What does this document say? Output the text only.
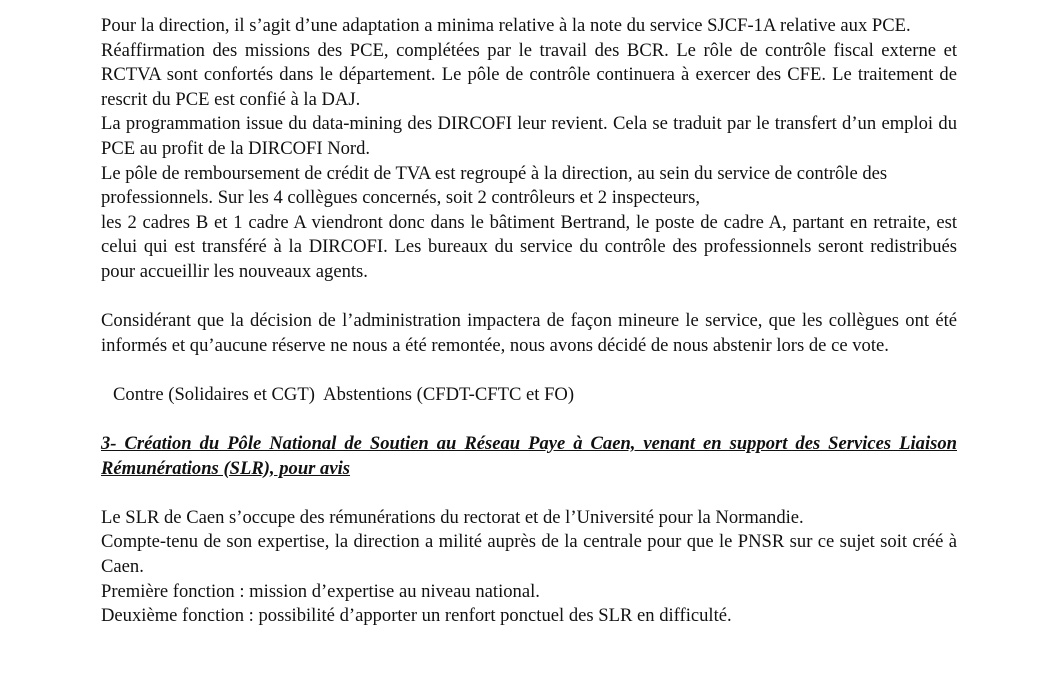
Pour la direction, il s’agit d’une adaptation a minima relative à la note du service SJCF-1A relative aux PCE.

Réaffirmation des missions des PCE, complétées par le travail des BCR. Le rôle de contrôle fiscal externe et RCTVA sont confortés dans le département. Le pôle de contrôle continuera à exercer des CFE. Le traitement de rescrit du PCE est confié à la DAJ.

La programmation issue du data-mining des DIRCOFI leur revient. Cela se traduit par le transfert d’un emploi du PCE au profit de la DIRCOFI Nord.

Le pôle de remboursement de crédit de TVA est regroupé à la direction, au sein du service de contrôle des professionnels. Sur les 4 collègues concernés, soit 2 contrôleurs et 2 inspecteurs,

les 2 cadres B et 1 cadre A viendront donc dans le bâtiment Bertrand, le poste de cadre A, partant en retraite, est celui qui est transféré à la DIRCOFI. Les bureaux du service du contrôle des professionnels seront redistribués pour accueillir les nouveaux agents.

Considérant que la décision de l’administration impactera de façon mineure le service, que les collègues ont été informés et qu’aucune réserve ne nous a été remontée, nous avons décidé de nous abstenir lors de ce vote.

Contre (Solidaires et CGT)  Abstentions (CFDT-CFTC et FO)

3- Création du Pôle National de Soutien au Réseau Paye à Caen, venant en support des Services Liaison Rémunérations (SLR), pour avis

Le SLR de Caen s’occupe des rémunérations du rectorat et de l’Université pour la Normandie.

Compte-tenu de son expertise, la direction a milité auprès de la centrale pour que le PNSR sur ce sujet soit créé à Caen.

Première fonction : mission d’expertise au niveau national.

Deuxième fonction : possibilité d’apporter un renfort ponctuel des SLR en difficulté.
